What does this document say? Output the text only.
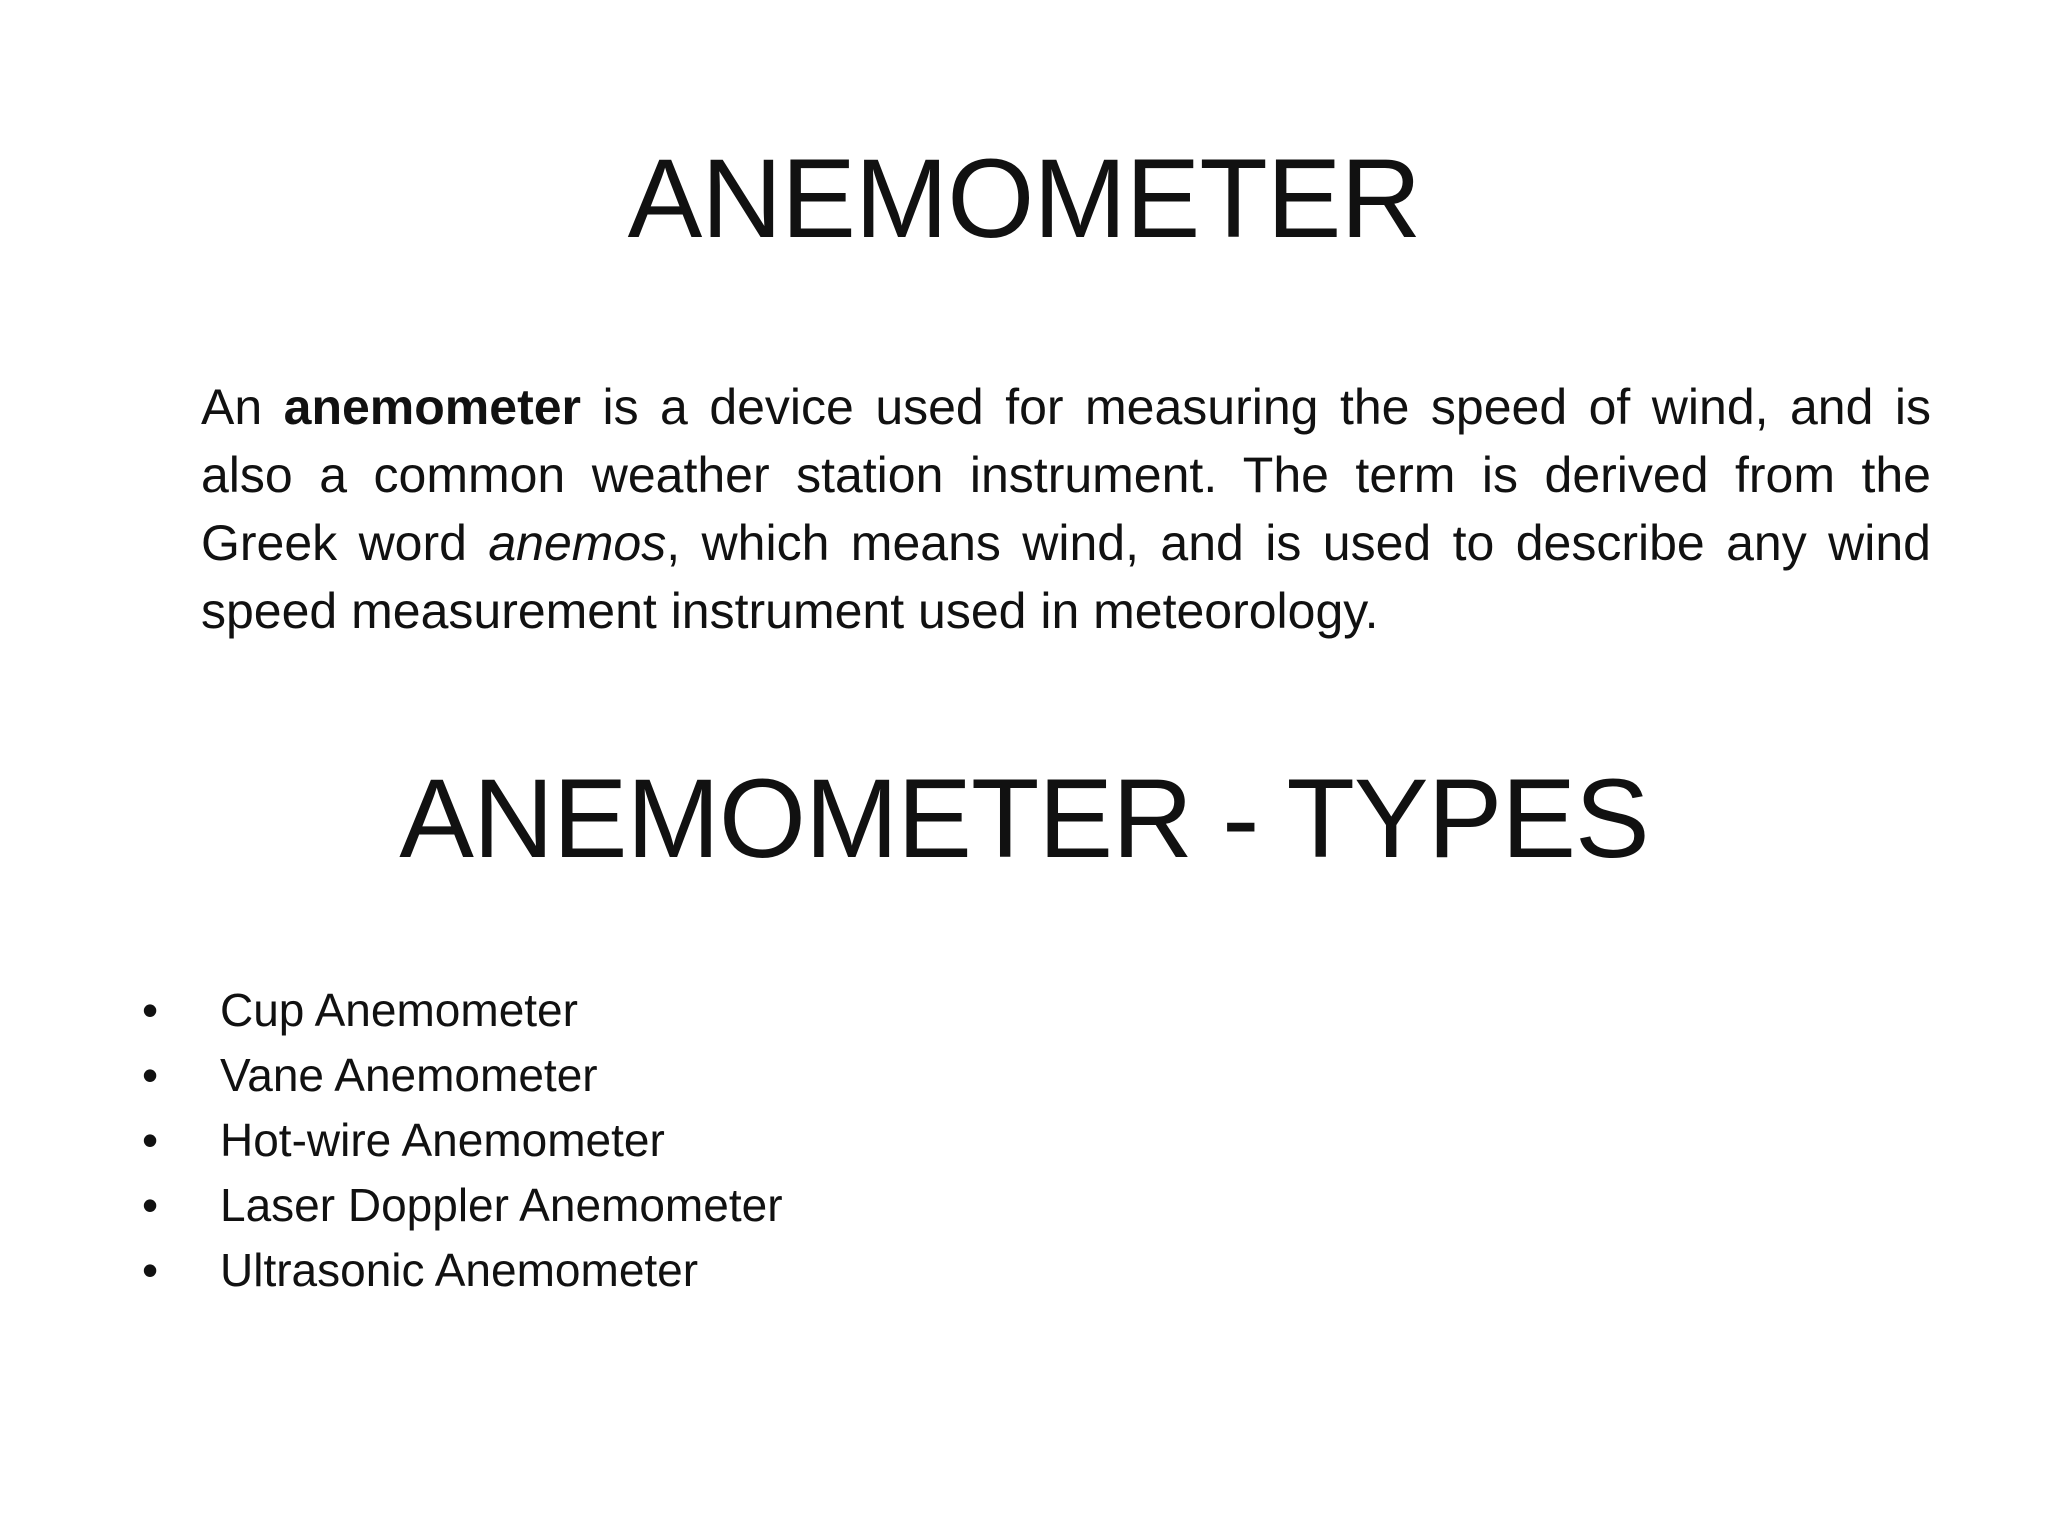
ANEMOMETER

An anemometer is a device used for measuring the speed of wind, and is also a common weather station instrument. The term is derived from the Greek word anemos, which means wind, and is used to describe any wind speed measurement instrument used in meteorology.

ANEMOMETER - TYPES
• Cup Anemometer
• Vane Anemometer
• Hot-wire Anemometer
• Laser Doppler Anemometer
• Ultrasonic Anemometer
